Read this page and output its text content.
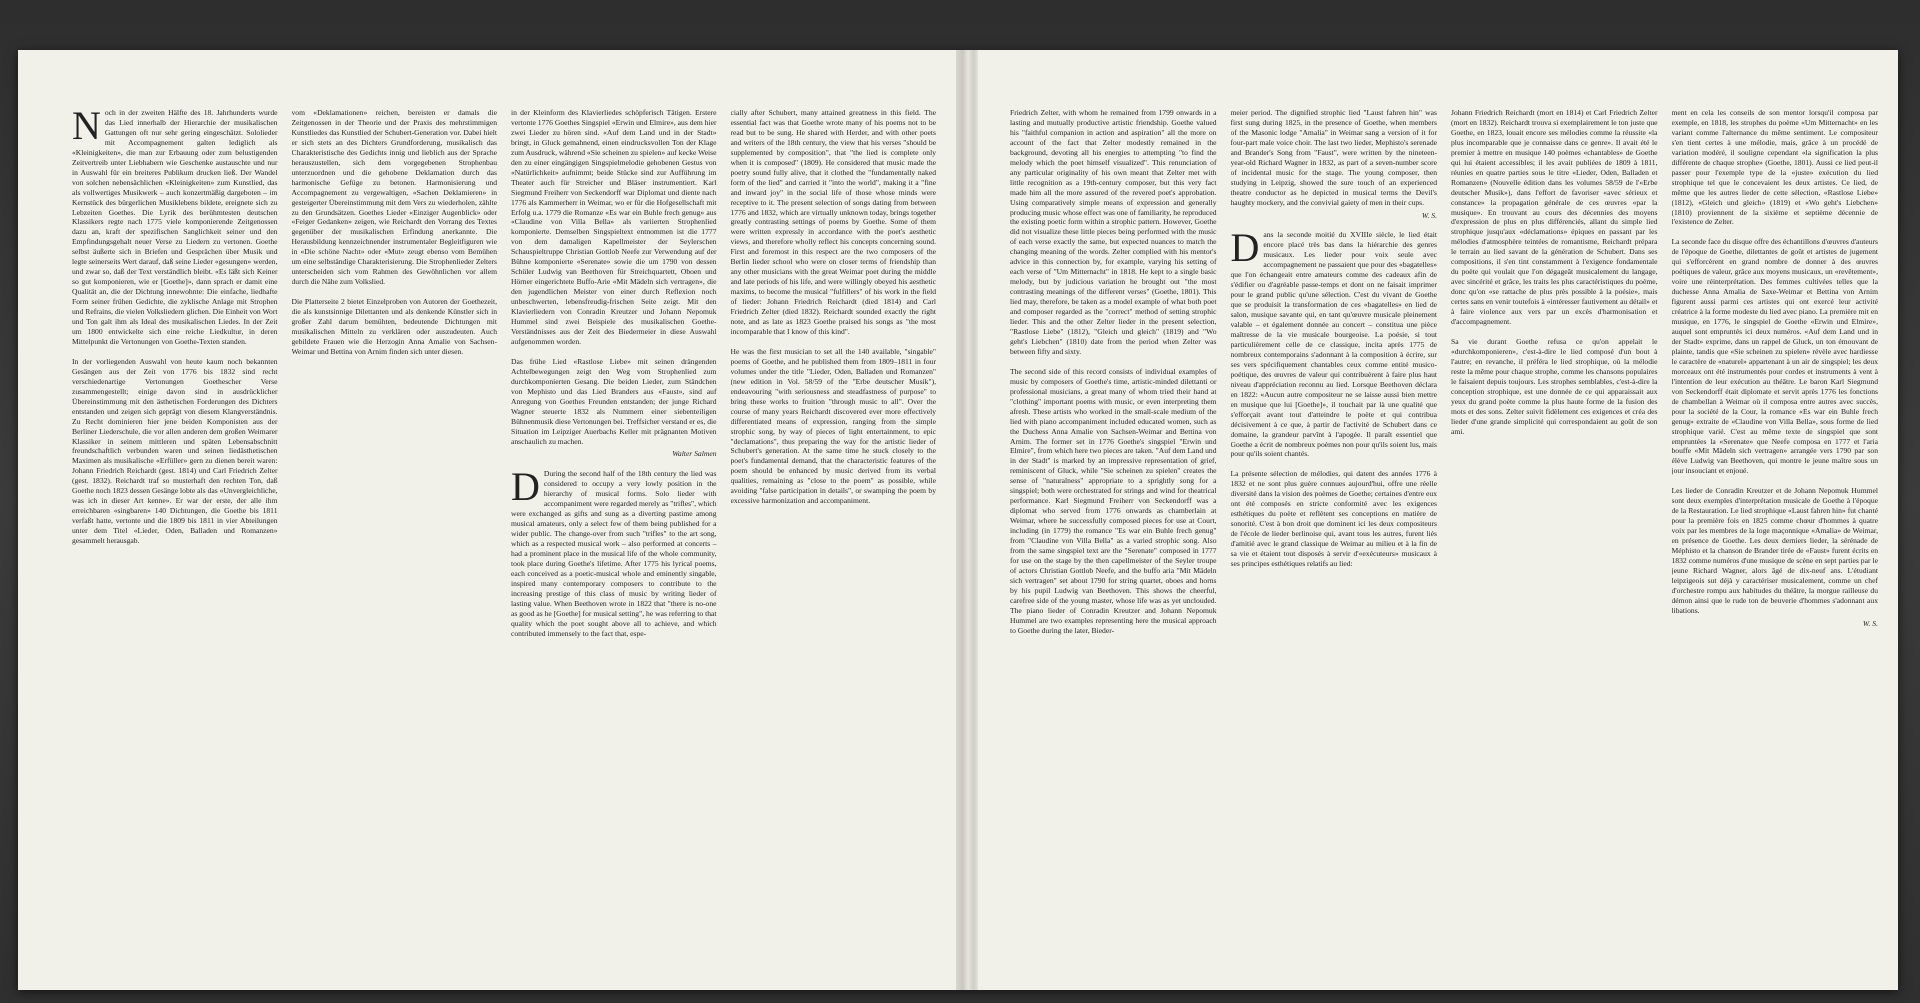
Noch in der zweiten Hälfte des 18. Jahrhunderts wurde das Lied innerhalb der Hierarchie der musikalischen Gattungen oft nur sehr gering eingeschätzt. Sololieder mit Accompagnement galten lediglich als «Kleinigkeiten», die man zur Erbauung oder zum belustigenden Zeitvertreib unter Liebhabern wie Geschenke austauschte und nur in Auswahl für ein breiteres Publikum drucken ließ. Der Wandel von solchen nebensächlichen «Kleinigkeiten» zum Kunstlied, das als vollwertiges Musikwerk – auch konzertmäßig dargeboten – im Kernstück des bürgerlichen Musiklebens bildete, ereignete sich zu Lebzeiten Goethes. Die Lyrik des berühmtesten deutschen Klassikers regte nach 1775 viele komponierende Zeitgenossen dazu an, kraft der spezifischen Sanglichkeit seiner und den Empfindungsgehalt neuer Verse zu Liedern zu vertonen. Goethe selbst äußerte sich in Briefen und Gesprächen über Musik und legte seinerseits Wert darauf, daß seine Lieder «gesungen» werden, und zwar so, daß der Text verständlich bleibt. «Es läßt sich Keiner so gut komponieren, wie er [Goethe]», dann sprach er damit eine Qualität an, die der Dichtung innewohnte: Die einfache, liedhafte Form seiner frühen Gedichte, die zyklische Anlage mit Strophen und Refrains, die vielen Volksliedern glichen. Die Einheit von Wort und Ton galt ihm als Ideal des musikalischen Liedes. In der Zeit um 1800 entwickelte sich eine reiche Liedkultur, in deren Mittelpunkt die Vertonungen von Goethe-Texten standen.

In der vorliegenden Auswahl von heute kaum noch bekannten Gesängen aus der Zeit von 1776 bis 1832 sind recht verschiedenartige Vertonungen Goethescher Verse zusammengestellt; einige davon sind in ausdrücklicher Übereinstimmung mit den ästhetischen Forderungen des Dichters entstanden und zeigen sich geprägt von diesem Klangverständnis. Zu Recht dominieren hier jene beiden Komponisten aus der Berliner Liederschule, die vor allen anderen dem großen Weimarer Klassiker in seinem mittleren und späten Lebensabschnitt freundschaftlich verbunden waren und seinen liedästhetischen Maximen als musikalische «Erfüller» gern zu dienen bereit waren: Johann Friedrich Reichardt (gest. 1814) und Carl Friedrich Zelter (gest. 1832). Reichardt traf so musterhaft den rechten Ton, daß Goethe noch 1823 dessen Gesänge lobte als das «Unvergleichliche, was ich in dieser Art kenne». Er war der erste, der alle ihm erreichbaren «singbaren» 140 Dichtungen, die Goethe bis 1811 verfaßt hatte, vertonte und die 1809 bis 1811 in vier Abteilungen unter dem Titel «Lieder, Oden, Balladen und Romanzen» gesammelt herausgab.

vom «Deklamationen» reichen, bereisten er damals die Zeitgenossen in der Theorie und der Praxis des mehrstimmigen Kunstliedes das Kunstlied der Schubert-Generation vor. Dabei hielt er sich stets an des Dichters Grundforderung, musikalisch das Charakteristische des Gedichts innig und lieblich aus der Sprache herauszustellen, sich dem vorgegebenen Strophenbau unterzuordnen und die gehobene Deklamation durch das harmonische Gefüge zu betonen. Harmonisierung und Accompagnement zu vergewaltigen, «Sachen Deklamieren» in gesteigerter Übereinstimmung mit dem Vers zu wiederholen, zählte zu den Grundsätzen. Goethes Lieder «Einziger Augenblick» oder «Feiger Gedanken» zeigen, wie Reichardt den Vorrang des Textes gegenüber der musikalischen Erfindung anerkannte. Die Herausbildung kennzeichnender instrumentaler Begleitfiguren wie in «Die schöne Nacht» oder «Mut» zeugt ebenso vom Bemühen um eine selbständige Charakterisierung. Die Strophenlieder Zelters unterscheiden sich vom Rahmen des Gewöhnlichen vor allem durch die Nähe zum Volkslied.

Die Platterseite 2 bietet Einzelproben von Autoren der Goethezeit, die als kunstsinnige Dilettanten und als denkende Künstler sich in großer Zahl darum bemühten, bedeutende Dichtungen mit musikalischen Mitteln zu verklären oder auszudeuten. Auch gebildete Frauen wie die Herzogin Anna Amalie von Sachsen-Weimar und Bettina von Arnim finden sich unter diesen.

in der Kleinform des Klavierliedes schöpferisch Tätigen. Erstere vertonte 1776 Goethes Singspiel «Erwin und Elmire», aus dem hier zwei Lieder zu hören sind. «Auf dem Land und in der Stadt» bringt, in Gluck gemahnend, einen eindrucksvollen Ton der Klage zum Ausdruck, während «Sie scheinen zu spielen» auf kecke Weise den zu einer eingängigen Singspielmelodie gehobenen Gestus von «Natürlichkeit» aufnimmt; beide Stücke sind zur Aufführung im Theater auch für Streicher und Bläser instrumentiert. Karl Siegmund Freiherr von Seckendorff war Diplomat und diente nach 1776 als Kammerherr in Weimar, wo er für die Hofgesellschaft mit Erfolg u.a. 1779 die Romanze «Es war ein Buhle frech genug» aus «Claudine von Villa Bella» als variierten Strophenlied komponierte. Demselben Singspieltext entnommen ist die 1777 von dem damaligen Kapellmeister der Seylerschen Schauspieltruppe Christian Gottlob Neefe zur Verwendung auf der Bühne komponierte «Serenate» sowie die um 1790 von dessen Schüler Ludwig van Beethoven für Streichquartett, Oboen und Hörner eingerichtete Buffo-Arie «Mit Mädeln sich vertragen», die den jugendlichen Meister von einer durch Reflexion noch unbeschwerten, lebensfreudig-frischen Seite zeigt. Mit den Klavierliedern von Conradin Kreutzer und Johann Nepomuk Hummel sind zwei Beispiele des musikalischen Goethe-Verständnisses aus der Zeit des Biedermeier in diese Auswahl aufgenommen worden.

Das frühe Lied «Rastlose Liebe» mit seinen drängenden Achtelbewegungen zeigt den Weg vom Strophenlied zum durchkomponierten Gesang. Die beiden Lieder, zum Ständchen von Mephisto und das Lied Branders aus «Faust», sind auf Anregung von Goethes Freunden entstanden; der junge Richard Wagner steuerte 1832 als Nummern einer siebenteiligen Bühnenmusik diese Vertonungen bei. Treffsicher verstand er es, die Situation im Leipziger Auerbachs Keller mit prägnanten Motiven anschaulich zu machen.

Walter Salmen

D During the second half of the 18th century the lied was considered to occupy a very lowly position in the hierarchy of musical forms. Solo lieder with accompaniment were regarded merely as "trifles", which were exchanged as gifts and sung as a diverting pastime among musical amateurs, only a select few of them being published for a wider public. The change-over from such "trifles" to the art song, which as a respected musical work – also performed at concerts – had a prominent place in the musical life of the whole community, took place during Goethe's lifetime. After 1775 his lyrical poems, each conceived as a poetic-musical whole and eminently singable, inspired many contemporary composers to contribute to the increasing prestige of this class of music by writing lieder of lasting value. When Beethoven wrote in 1822 that "there is no-one as good as he [Goethe] for musical setting", he was referring to that quality which the poet sought above all to achieve, and which contributed immensely to the fact that, espe-

cially after Schubert, many attained greatness in this field. The essential fact was that Goethe wrote many of his poems not to be read but to be sung. He shared with Herder, and with other poets and writers of the 18th century, the view that his verses "should be supplemented by composition", that "the lied is complete only when it is composed" (1809). He considered that music made the poetry sound fully alive, that it clothed the "fundamentally naked form of the lied" and carried it "into the world", making it a "fine and inward joy" in the social life of those whose minds were receptive to it. The present selection of songs dating from between 1776 and 1832, which are virtually unknown today, brings together greatly contrasting settings of poems by Goethe. Some of them were written expressly in accordance with the poet's aesthetic views, and therefore wholly reflect his concepts concerning sound. First and foremost in this respect are the two composers of the Berlin lieder school who were on closer terms of friendship than any other musicians with the great Weimar poet during the middle and late periods of his life, and were willingly obeyed his aesthetic maxims, to become the musical "fulfillers" of his work in the field of lieder: Johann Friedrich Reichardt (died 1814) and Carl Friedrich Zelter (died 1832). Reichardt sounded exactly the right note, and as late as 1823 Goethe praised his songs as "the most incomparable that I know of this kind".

He was the first musician to set all the 140 available, "singable" poems of Goethe, and he published them from 1809–1811 in four volumes under the title "Lieder, Oden, Balladen und Romanzen" (new edition in Vol. 58/59 of the "Erbe deutscher Musik"), endeavouring "with seriousness and steadfastness of purpose" to bring these works to fruition "through music to all". Over the course of many years Reichardt discovered ever more effectively differentiated means of expression, ranging from the simple strophic song, by way of pieces of light entertainment, to epic "declamations", thus preparing the way for the artistic lieder of Schubert's generation. At the same time he stuck closely to the poet's fundamental demand, that the characteristic features of the poem should be enhanced by music derived from its verbal qualities, remaining as "close to the poem" as possible, while avoiding "false participation in details", or swamping the poem by excessive harmonization and accompaniment.

Friedrich Zelter, with whom he remained from 1799 onwards in a lasting and mutually productive artistic friendship. Goethe valued his "faithful companion in action and aspiration" all the more on account of the fact that Zelter modestly remained in the background, devoting all his energies to attempting "to find the melody which the poet himself visualized". This renunciation of any particular originality of his own meant that Zelter met with little recognition as a 19th-century composer, but this very fact made him all the more assured of the revered poet's approbation. Using comparatively simple means of expression and generally producing music whose effect was one of familiarity, he reproduced the existing poetic form within a strophic pattern. However, Goethe did not visualize these little pieces being performed with the music of each verse exactly the same, but expected nuances to match the changing meaning of the words. Zelter complied with his mentor's advice in this connection by, for example, varying his setting of each verse of "Um Mitternacht" in 1818. He kept to a single basic melody, but by judicious variation he brought out "the most contrasting meanings of the different verses" (Goethe, 1801). This lied may, therefore, be taken as a model example of what both poet and composer regarded as the "correct" method of setting strophic lieder. This and the other Zelter lieder in the present selection, "Rastlose Liebe" (1812), "Gleich und gleich" (1819) and "Wo geht's Liebchen" (1810) date from the period when Zelter was between fifty and sixty.

The second side of this record consists of individual examples of music by composers of Goethe's time, artistic-minded dilettanti or professional musicians, a great many of whom tried their hand at "clothing" important poems with music, or even interpreting them afresh. These artists who worked in the small-scale medium of the lied with piano accompaniment included educated women, such as the Duchess Anna Amalie von Sachsen-Weimar and Bettina von Arnim. The former set in 1776 Goethe's singspiel "Erwin und Elmire", from which here two pieces are taken. "Auf dem Land und in der Stadt" is marked by an impressive representation of grief, reminiscent of Gluck, while "Sie scheinen zu spielen" creates the sense of "naturalness" appropriate to a sprightly song for a singspiel; both were orchestrated for strings and wind for theatrical performance. Karl Siegmund Freiherr von Seckendorff was a diplomat who served from 1776 onwards as chamberlain at Weimar, where he successfully composed pieces for use at Court, including (in 1779) the romance "Es war ein Buhle frech genug" from "Claudine von Villa Bella" as a varied strophic song. Also from the same singspiel text are the "Serenate" composed in 1777 for use on the stage by the then capellmeister of the Seyler troupe of actors Christian Gottlob Neefe, and the buffo aria "Mit Mädeln sich vertragen" set about 1790 for string quartet, oboes and horns by his pupil Ludwig van Beethoven. This shows the cheerful, carefree side of the young master, whose life was as yet unclouded. The piano lieder of Conradin Kreutzer and Johann Nepomuk Hummel are two examples representing here the musical approach to Goethe during the later, Bieder-

meier period. The dignified strophic lied "Laust fahren hin" was first sung during 1825, in the presence of Goethe, when members of the Masonic lodge "Amalia" in Weimar sang a version of it for four-part male voice choir. The last two lieder, Mephisto's serenade and Brander's Song from "Faust", were written by the nineteen-year-old Richard Wagner in 1832, as part of a seven-number score of incidental music for the stage. The young composer, then studying in Leipzig, showed the sure touch of an experienced theatre conductor as he depicted in musical terms the Devil's haughty mockery, and the convivial gaiety of men in their cups.

W. S.

Dans la seconde moitié du XVIIIe siècle, le lied était encore placé très bas dans la hiérarchie des genres musicaux. Les lieder pour voix seule avec accompagnement ne passaient que pour des «bagatelles» que l'on échangeait entre amateurs comme des cadeaux afin de s'édifier ou d'agréable passe-temps et dont on ne faisait imprimer pour le grand public qu'une sélection. C'est du vivant de Goethe que se produisit la transformation de ces «bagatelles» en lied de salon, musique savante qui, en tant qu'œuvre musicale pleinement valable – et également donnée au concert – constitua une pièce maîtresse de la vie musicale bourgeoise. La poésie, si tout particulièrement celle de ce classique, incita après 1775 de nombreux contemporains s'adonnant à la composition à écrire, sur ses vers spécifiquement chantables ceux comme entité musico-poétique, des œuvres de valeur qui contribuèrent à faire plus haut niveau d'appréciation reconnu au lied. Lorsque Beethoven déclara en 1822: «Aucun autre compositeur ne se laisse aussi bien mettre en musique que lui [Goethe]», il touchait par là une qualité que s'efforçait avant tout d'atteindre le poète et qui contribua décisivement à ce que, à partir de l'activité de Schubert dans ce domaine, la grandeur parvînt à l'apogée. Il paraît essentiel que Goethe a écrit de nombreux poèmes non pour qu'ils soient lus, mais pour qu'ils soient chantés.

La présente sélection de mélodies, qui datent des années 1776 à 1832 et ne sont plus guère connues aujourd'hui, offre une réelle diversité dans la vision des poèmes de Goethe; certaines d'entre eux ont été composés en stricte conformité avec les exigences esthétiques du poète et reflètent ses conceptions en matière de sonorité. C'est à bon droit que dominent ici les deux compositeurs de l'école de lieder berlinoise qui, avant tous les autres, furent liés d'amitié avec le grand classique de Weimar au milieu et à la fin de sa vie et étaient tout disposés à servir d'«exécuteurs» musicaux à ses principes esthétiques relatifs au lied:

Johann Friedrich Reichardt (mort en 1814) et Carl Friedrich Zelter (mort en 1832). Reichardt trouva si exemplairement le ton juste que Goethe, en 1823, louait encore ses mélodies comme la réussite «la plus incomparable que je connaisse dans ce genre». Il avait été le premier à mettre en musique 140 poèmes «chantables» de Goethe qui lui étaient accessibles; il les avait publiées de 1809 à 1811, réunies en quatre parties sous le titre «Lieder, Oden, Balladen et Romanzen» (Nouvelle édition dans les volumes 58/59 de l'«Erbe deutscher Musik»), dans l'effort de favoriser «avec sérieux et constance» la propagation générale de ces œuvres «par la musique». En trouvant au cours des décennies des moyens d'expression de plus en plus différenciés, allant du simple lied strophique jusqu'aux «déclamations» épiques en passant par les mélodies d'atmosphère teintées de romantisme, Reichardt prépara le terrain au lied savant de la génération de Schubert. Dans ses compositions, il s'en tint constamment à l'exigence fondamentale du poète qui voulait que l'on dégageât musicalement du langage, avec sincérité et grâce, les traits les plus caractéristiques du poème, donc qu'on «se rattache de plus près possible à la poésie», mais certes sans en venir toutefois à «intéresser fautivement au détail» et à faire violence aux vers par un excès d'harmonisation et d'accompagnement.

Sa vie durant Goethe refusa ce qu'on appelait le «durchkomponieren», c'est-à-dire le lied composé d'un bout à l'autre; en revanche, il préféra le lied strophique, où la mélodie reste la même pour chaque strophe, comme les chansons populaires le faisaient depuis toujours. Les strophes semblables, c'est-à-dire la conception strophique, est une donnée de ce qui apparaissait aux yeux du grand poète comme la plus haute forme de la fusion des mots et des sons. Zelter suivit fidèlement ces exigences et créa des lieder d'une grande simplicité qui correspondaient au goût de son ami.

ment en cela les conseils de son mentor lorsqu'il composa par exemple, en 1818, les strophes du poème «Um Mitternacht» en les variant comme l'alternance du même sentiment. Le compositeur s'en tient certes à une mélodie, mais, grâce à un procédé de variation modéré, il souligne cependant «la signification la plus différente de chaque strophe» (Goethe, 1801). Aussi ce lied peut-il passer pour l'exemple type de la «juste» exécution du lied strophique tel que le concevaient les deux artistes. Ce lied, de même que les autres lieder de cette sélection, «Rastlose Liebe» (1812), «Gleich und gleich» (1819) et «Wo geht's Liebchen» (1810) proviennent de la sixième et septième décennie de l'existence de Zelter.

La seconde face du disque offre des échantillons d'œuvres d'auteurs de l'époque de Goethe, dilettantes de goût et artistes de jugement qui s'efforcèrent en grand nombre de donner à des œuvres poétiques de valeur, grâce aux moyens musicaux, un «revêtement», voire une réinterprétation. Des femmes cultivées telles que la duchesse Anna Amalia de Saxe-Weimar et Bettina von Arnim figurent aussi parmi ces artistes qui ont exercé leur activité créatrice à la forme modeste du lied avec piano. La première mit en musique, en 1776, le singspiel de Goethe «Erwin und Elmire», auquel sont empruntés ici deux numéros. «Auf dem Land und in der Stadt» exprime, dans un rappel de Gluck, un ton émouvant de plainte, tandis que «Sie scheinen zu spielen» révèle avec hardiesse le caractère de «naturel» appartenant à un air de singspiel; les deux morceaux ont été instrumentés pour cordes et instruments à vent à l'intention de leur exécution au théâtre. Le baron Karl Siegmund von Seckendorff était diplomate et servit après 1776 les fonctions de chambellan à Weimar où il composa entre autres avec succès, pour la société de la Cour, la romance «Es war ein Buhle frech genug» extraite de «Claudine von Villa Bella», sous forme de lied strophique varié. C'est au même texte de singspiel que sont empruntées la «Serenate» que Neefe composa en 1777 et l'aria bouffe «Mit Mädeln sich vertragen» arrangée vers 1790 par son élève Ludwig van Beethoven, qui montre le jeune maître sous un jour insouciant et enjoué.

Les lieder de Conradin Kreutzer et de Johann Nepomuk Hummel sont deux exemples d'interprétation musicale de Goethe à l'époque de la Restauration. Le lied strophique «Laust fahren hin» fut chanté pour la première fois en 1825 comme chœur d'hommes à quatre voix par les membres de la loge maçonnique «Amalia» de Weimar, en présence de Goethe. Les deux derniers lieder, la sérénade de Méphisto et la chanson de Brander tirée de «Faust» furent écrits en 1832 comme numéros d'une musique de scène en sept parties par le jeune Richard Wagner, alors âgé de dix-neuf ans. L'étudiant leipzigeois sut déjà y caractériser musicalement, comme un chef d'orchestre rompu aux habitudes du théâtre, la morgue railleuse du démon ainsi que le rude ton de beuverie d'hommes s'adonnant aux libations.

W. S.
